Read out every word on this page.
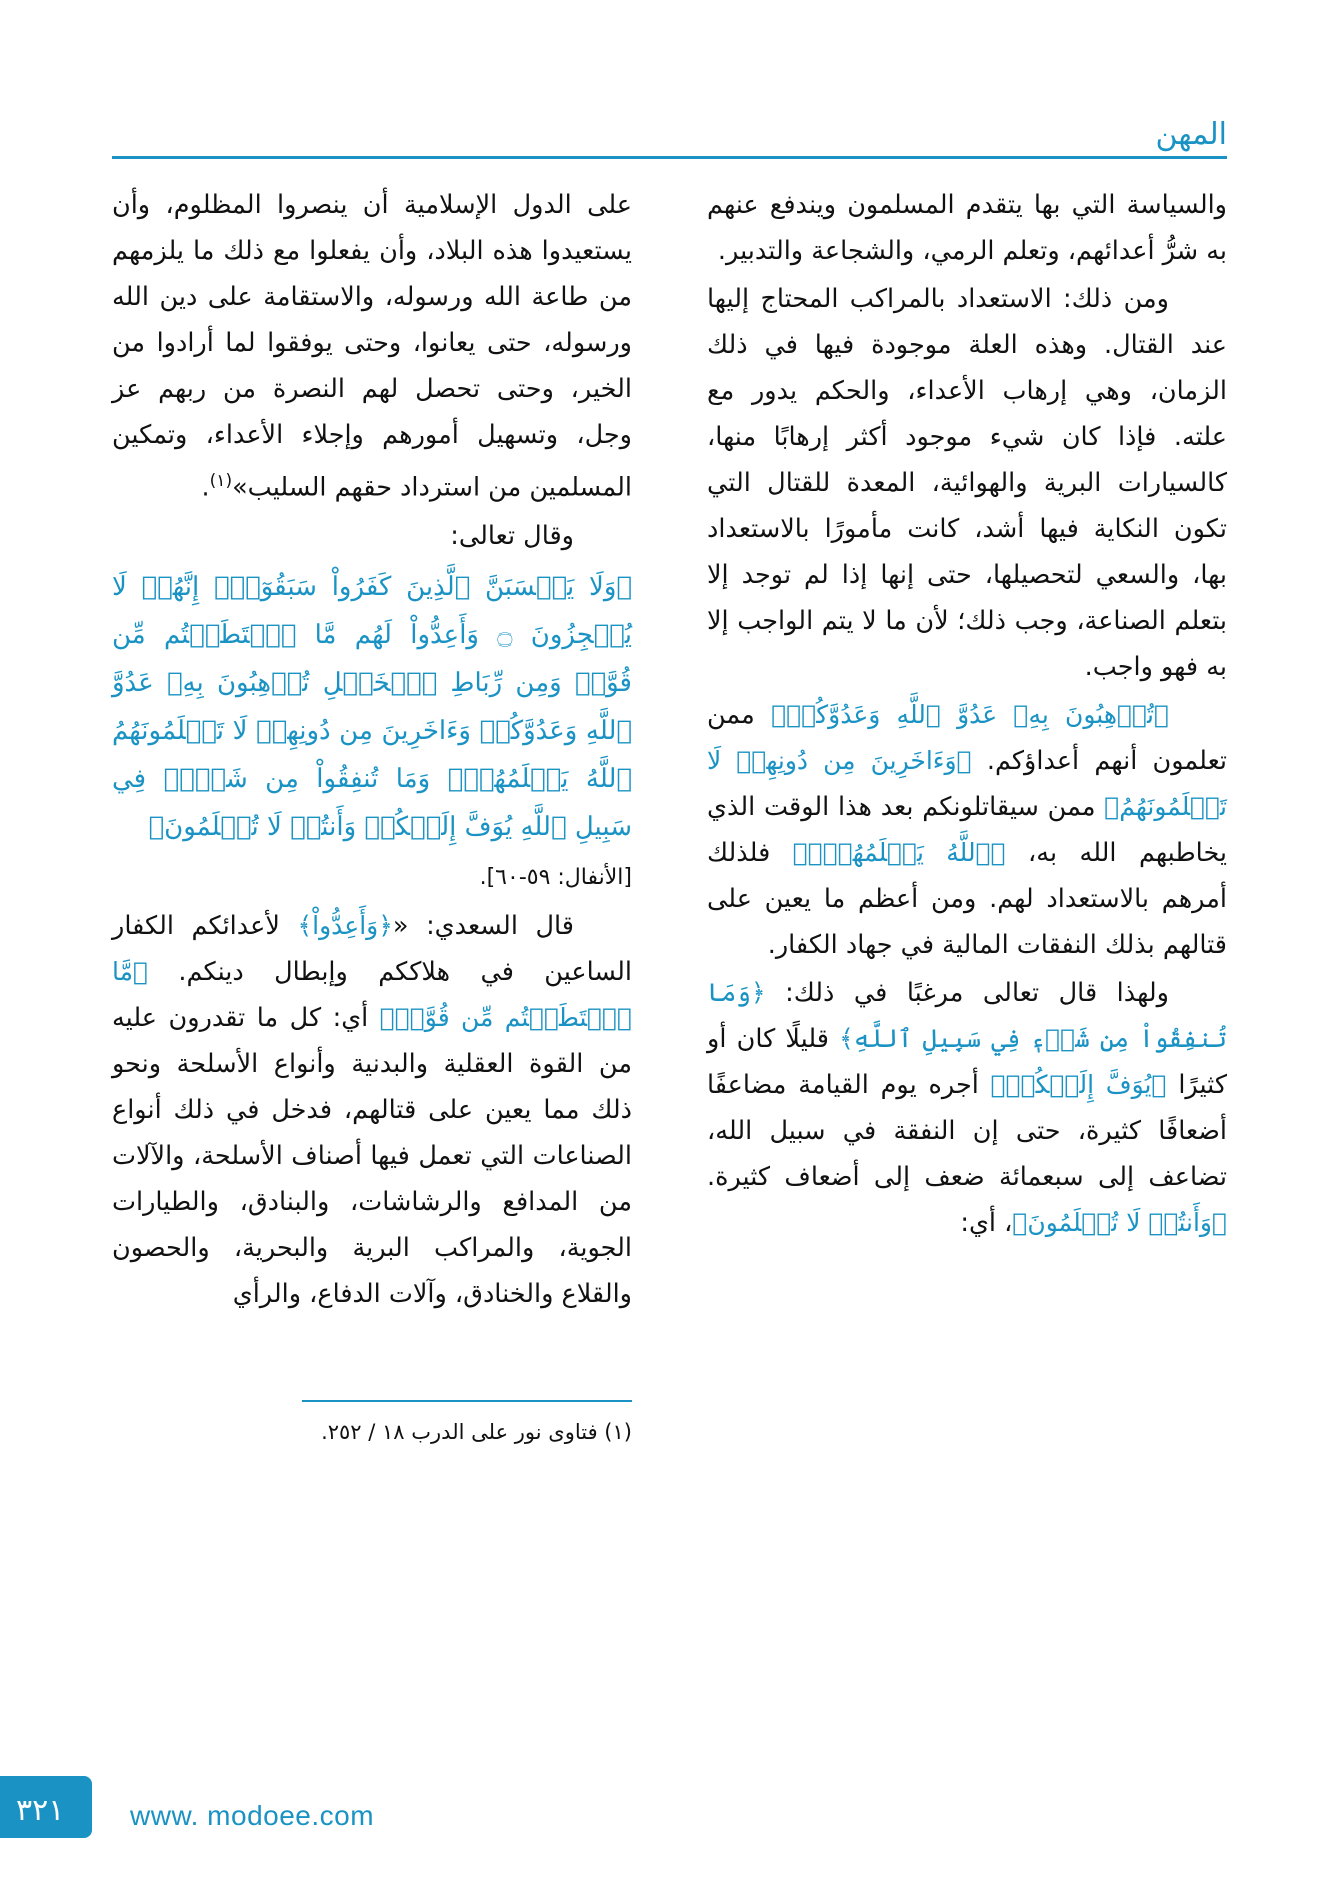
المهن

والسياسة التي بها يتقدم المسلمون ويندفع عنهم به شرُّ أعدائهم، وتعلم الرمي، والشجاعة والتدبير.

ومن ذلك: الاستعداد بالمراكب المحتاج إليها عند القتال. وهذه العلة موجودة فيها في ذلك الزمان، وهي إرهاب الأعداء، والحكم يدور مع علته. فإذا كان شيء موجود أكثر إرهابًا منها، كالسيارات البرية والهوائية، المعدة للقتال التي تكون النكاية فيها أشد، كانت مأمورًا بالاستعداد بها، والسعي لتحصيلها، حتى إنها إذا لم توجد إلا بتعلم الصناعة، وجب ذلك؛ لأن ما لا يتم الواجب إلا به فهو واجب.

﴿تُرۡهِبُونَ بِهِۦ عَدُوَّ ٱللَّهِ وَعَدُوَّكُمۡ﴾ ممن تعلمون أنهم أعداؤكم. ﴿وَءَاخَرِينَ مِن دُونِهِمۡ لَا تَعۡلَمُونَهُمُ﴾ ممن سيقاتلونكم بعد هذا الوقت الذي يخاطبهم الله به، ﴿ٱللَّهُ يَعۡلَمُهُمۡۚ﴾ فلذلك أمرهم بالاستعداد لهم. ومن أعظم ما يعين على قتالهم بذلك النفقات المالية في جهاد الكفار.

ولهذا قال تعالى مرغبًا في ذلك: ﴿وَمَا تُنفِقُواْ مِن شَيۡءٖ فِي سَبِيلِ ٱللَّهِ﴾ قليلًا كان أو كثيرًا ﴿يُوَفَّ إِلَيۡكُمۡ﴾ أجره يوم القيامة مضاعفًا أضعافًا كثيرة، حتى إن النفقة في سبيل الله، تضاعف إلى سبعمائة ضعف إلى أضعاف كثيرة. ﴿وَأَنتُمۡ لَا تُظۡلَمُونَ﴾، أي:

على الدول الإسلامية أن ينصروا المظلوم، وأن يستعيدوا هذه البلاد، وأن يفعلوا مع ذلك ما يلزمهم من طاعة الله ورسوله، والاستقامة على دين الله ورسوله، حتى يعانوا، وحتى يوفقوا لما أرادوا من الخير، وحتى تحصل لهم النصرة من ربهم عز وجل، وتسهيل أمورهم وإجلاء الأعداء، وتمكين المسلمين من استرداد حقهم السليب»$^{(١)}$.

وقال تعالى:

﴿وَلَا يَحۡسَبَنَّ ٱلَّذِينَ كَفَرُواْ سَبَقُوٓاْۚ إِنَّهُمۡ لَا يُعۡجِزُونَ ۝ وَأَعِدُّواْ لَهُم مَّا ٱسۡتَطَعۡتُم مِّن قُوَّةٖ وَمِن رِّبَاطِ ٱلۡخَيۡلِ تُرۡهِبُونَ بِهِۦ عَدُوَّ ٱللَّهِ وَعَدُوَّكُمۡ وَءَاخَرِينَ مِن دُونِهِمۡ لَا تَعۡلَمُونَهُمُ ٱللَّهُ يَعۡلَمُهُمۡۚ وَمَا تُنفِقُواْ مِن شَيۡءٖ فِي سَبِيلِ ٱللَّهِ يُوَفَّ إِلَيۡكُمۡ وَأَنتُمۡ لَا تُظۡلَمُونَ﴾

[الأنفال: ٥٩-٦٠].

قال السعدي: «﴿وَأَعِدُّواْ﴾ لأعدائكم الكفار الساعين في هلاككم وإبطال دينكم. ﴿مَّا ٱسۡتَطَعۡتُم مِّن قُوَّةٖ﴾ أي: كل ما تقدرون عليه من القوة العقلية والبدنية وأنواع الأسلحة ونحو ذلك مما يعين على قتالهم، فدخل في ذلك أنواع الصناعات التي تعمل فيها أصناف الأسلحة، والآلات من المدافع والرشاشات، والبنادق، والطيارات الجوية، والمراكب البرية والبحرية، والحصون والقلاع والخنادق، وآلات الدفاع، والرأي

(١) فتاوى نور على الدرب ١٨ / ٢٥٢.
٣٢١ www. modoee.com
